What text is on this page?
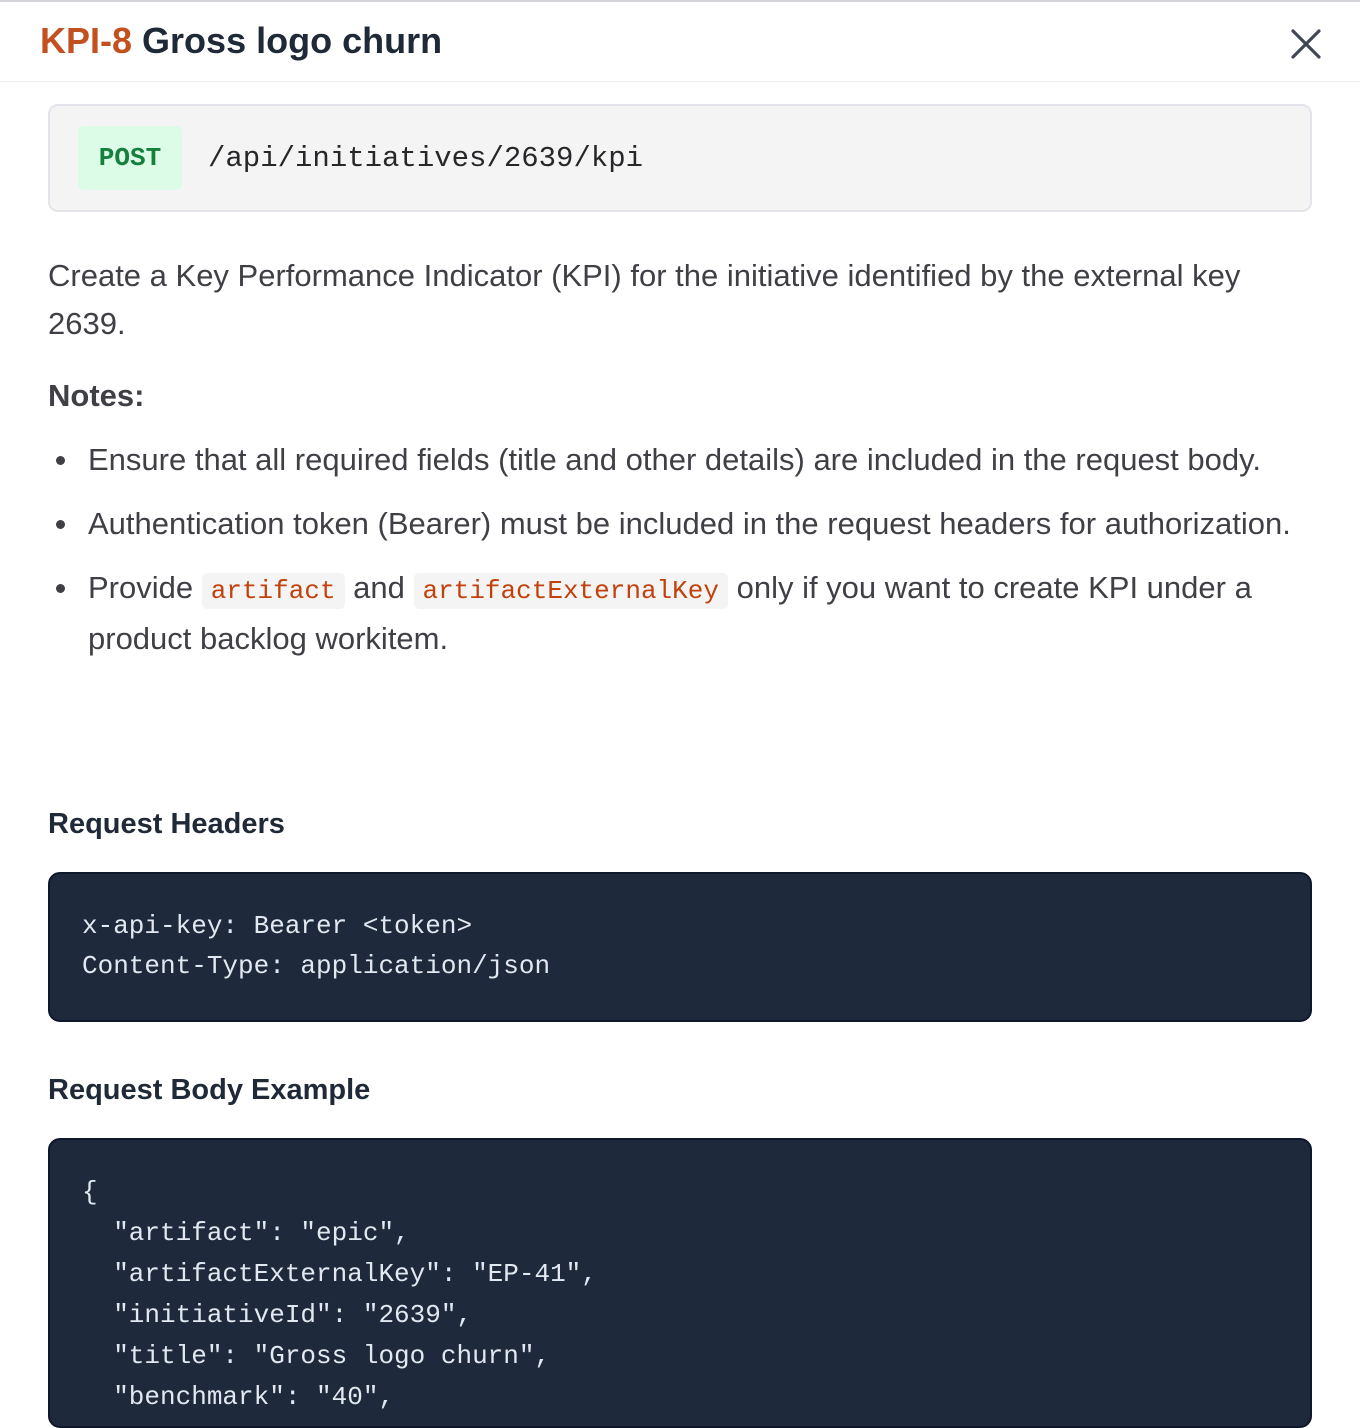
KPI-8 Gross logo churn
POST	/api/initiatives/2639/kpi

Create a Key Performance Indicator (KPI) for the initiative identified by the external key 2639.

Notes:
Ensure that all required fields (title and other details) are included in the request body.
Authentication token (Bearer) must be included in the request headers for authorization.
Provide artifact and artifactExternalKey only if you want to create KPI under a product backlog workitem.
Request Headers
x-api-key: Bearer <token>
Content-Type: application/json
Request Body Example
{
"artifact": "epic",
"artifactExternalKey": "EP-41",
"initiativeId": "2639",
"title": "Gross logo churn",
"benchmark": "40",
